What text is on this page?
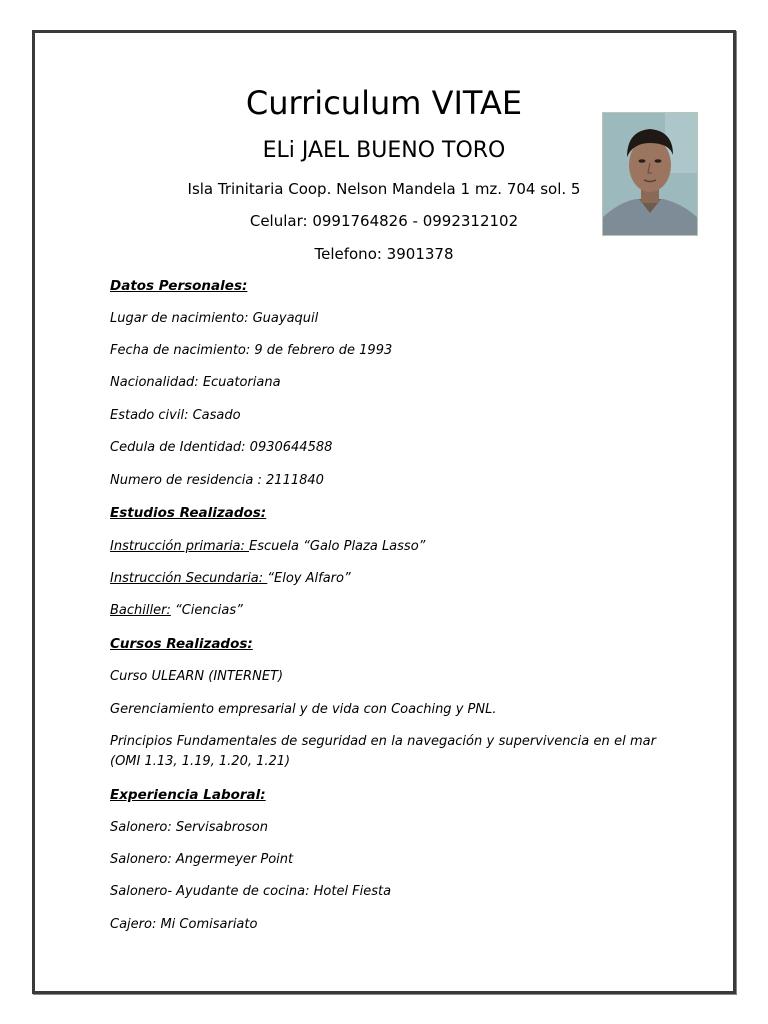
Curriculum VITAE
ELi JAEL BUENO TORO
Isla Trinitaria Coop. Nelson Mandela 1 mz. 704 sol. 5
Celular: 0991764826 - 0992312102
Telefono: 3901378
Datos Personales:
Lugar de nacimiento: Guayaquil
Fecha de nacimiento: 9 de febrero de 1993
Nacionalidad: Ecuatoriana
Estado civil: Casado
Cedula de Identidad: 0930644588
Numero de residencia : 2111840
Estudios Realizados:
Instrucción primaria: Escuela “Galo Plaza Lasso”
Instrucción Secundaria: “Eloy Alfaro”
Bachiller: “Ciencias”
Cursos Realizados:
Curso ULEARN (INTERNET)
Gerenciamiento empresarial y de vida con Coaching y PNL.
Principios Fundamentales de seguridad en la navegación y supervivencia en el mar (OMI 1.13, 1.19, 1.20, 1.21)
Experiencia Laboral:
Salonero: Servisabroson
Salonero: Angermeyer Point
Salonero- Ayudante de cocina: Hotel Fiesta
Cajero: Mi Comisariato
